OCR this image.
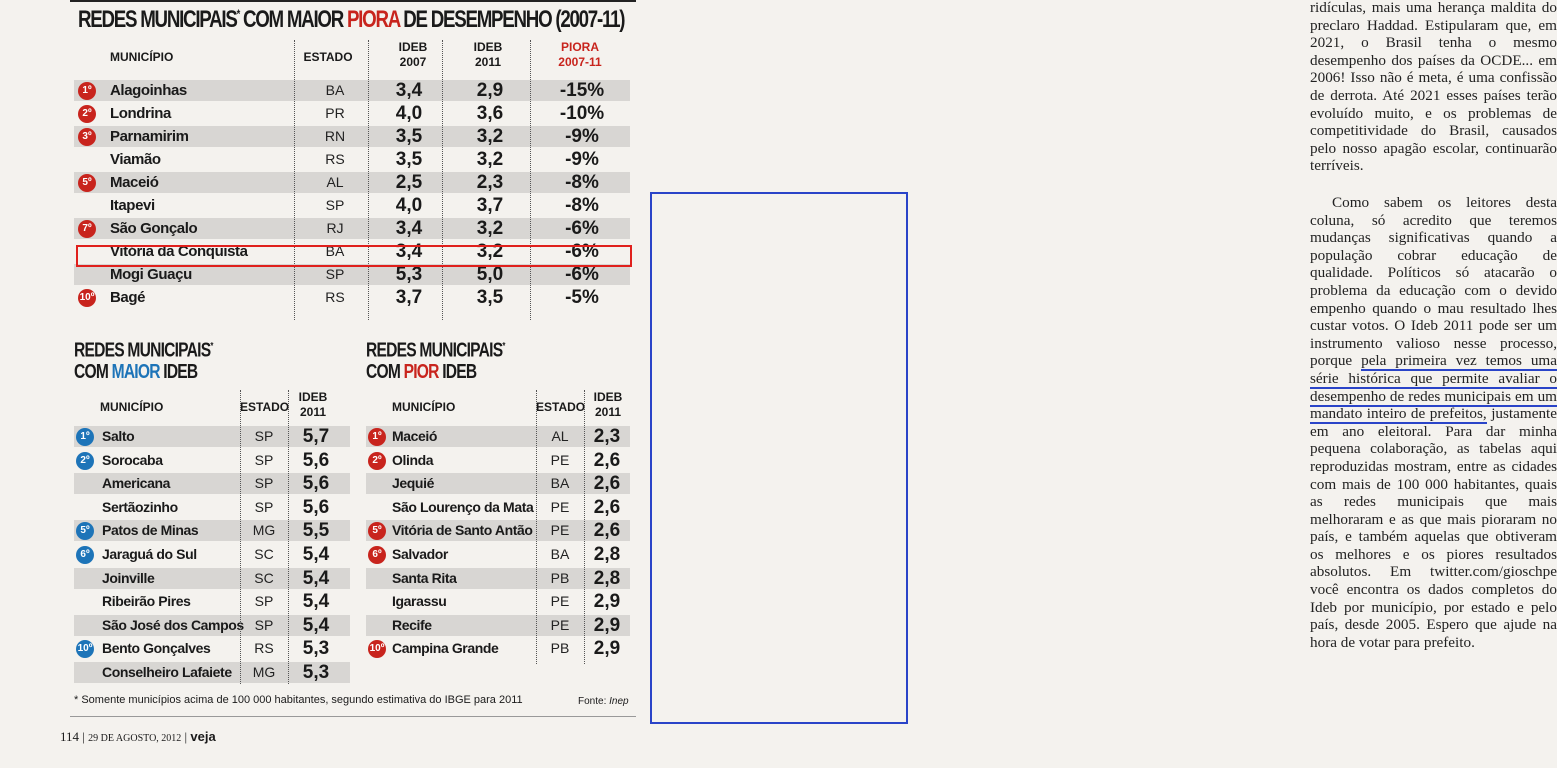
REDES MUNICIPAIS* COM MAIOR PIORA DE DESEMPENHO (2007-11)
MUNICÍPIO	ESTADO
IDEB
2007
IDEB
2011
PIORA
2007-11
1º Alagoinhas	BA	3,4	2,9	-15%
2º Londrina	PR	4,0	3,6	-10%
3º Parnamirim	RN	3,5	3,2	-9%
Viamão	RS	3,5	3,2	-9%
5º Maceió	AL	2,5	2,3	-8%
Itapevi	SP	4,0	3,7	-8%
7º São Gonçalo	RJ	3,4	3,2	-6%
Vitória da Conquista	BA	3,4	3,2	-6%
Mogi Guaçu	SP	5,3	5,0	-6%
10º Bagé	RS	3,7	3,5	-5%
REDES MUNICIPAIS*
COM MAIOR IDEB
MUNICÍPIO	ESTADO
IDEB
2011
1º Salto	SP	5,7
2º Sorocaba	SP	5,6
Americana	SP	5,6
Sertãozinho	SP	5,6
5º Patos de Minas	MG	5,5
6º Jaraguá do Sul	SC	5,4
Joinville	SC	5,4
Ribeirão Pires	SP	5,4
São José dos Campos SP	5,4
10º Bento Gonçalves	RS	5,3
Conselheiro Lafaiete	MG	5,3
REDES MUNICIPAIS*
COM PIOR IDEB
MUNICÍPIO	ESTADO
IDEB
2011
1º Maceió	AL	2,3
2º Olinda	PE	2,6
Jequié	BA	2,6
São Lourenço da Mata	PE	2,6
5º Vitória de Santo Antão	PE	2,6
6º Salvador	BA	2,8
Santa Rita	PB	2,8
Igarassu	PE	2,9
Recife	PE	2,9
10º Campina Grande	PB	2,9
* Somente municípios acima de 100 000 habitantes, segundo estimativa do IBGE para 2011	Fonte: Inep
114 | 29 DE AGOSTO, 2012 | veja

ridículas, mais uma herança maldita do preclaro Haddad. Estipularam que, em 2021, o Brasil tenha o mesmo desempenho dos países da OCDE... em 2006! Isso não é meta, é uma confissão de derrota. Até 2021 esses países terão evoluído muito, e os problemas de competitividade do Brasil, causados pelo nosso apagão escolar, continuarão terríveis.

Como sabem os leitores desta coluna, só acredito que teremos mudanças significativas quando a população cobrar educação de qualidade. Políticos só atacarão o problema da educação com o devido empenho quando o mau resultado lhes custar votos. O Ideb 2011 pode ser um instrumento valioso nesse processo, porque pela primeira vez temos uma série histórica que permite avaliar o desempenho de redes municipais em um mandato inteiro de prefeitos, justamente em ano eleitoral. Para dar minha pequena colaboração, as tabelas aqui reproduzidas mostram, entre as cidades com mais de 100 000 habitantes, quais as redes municipais que mais melhoraram e as que mais pioraram no país, e também aquelas que obtiveram os melhores e os piores resultados absolutos. Em twitter.com/gioschpe você encontra os dados completos do Ideb por município, por estado e pelo país, desde 2005. Espero que ajude na hora de votar para prefeito.
